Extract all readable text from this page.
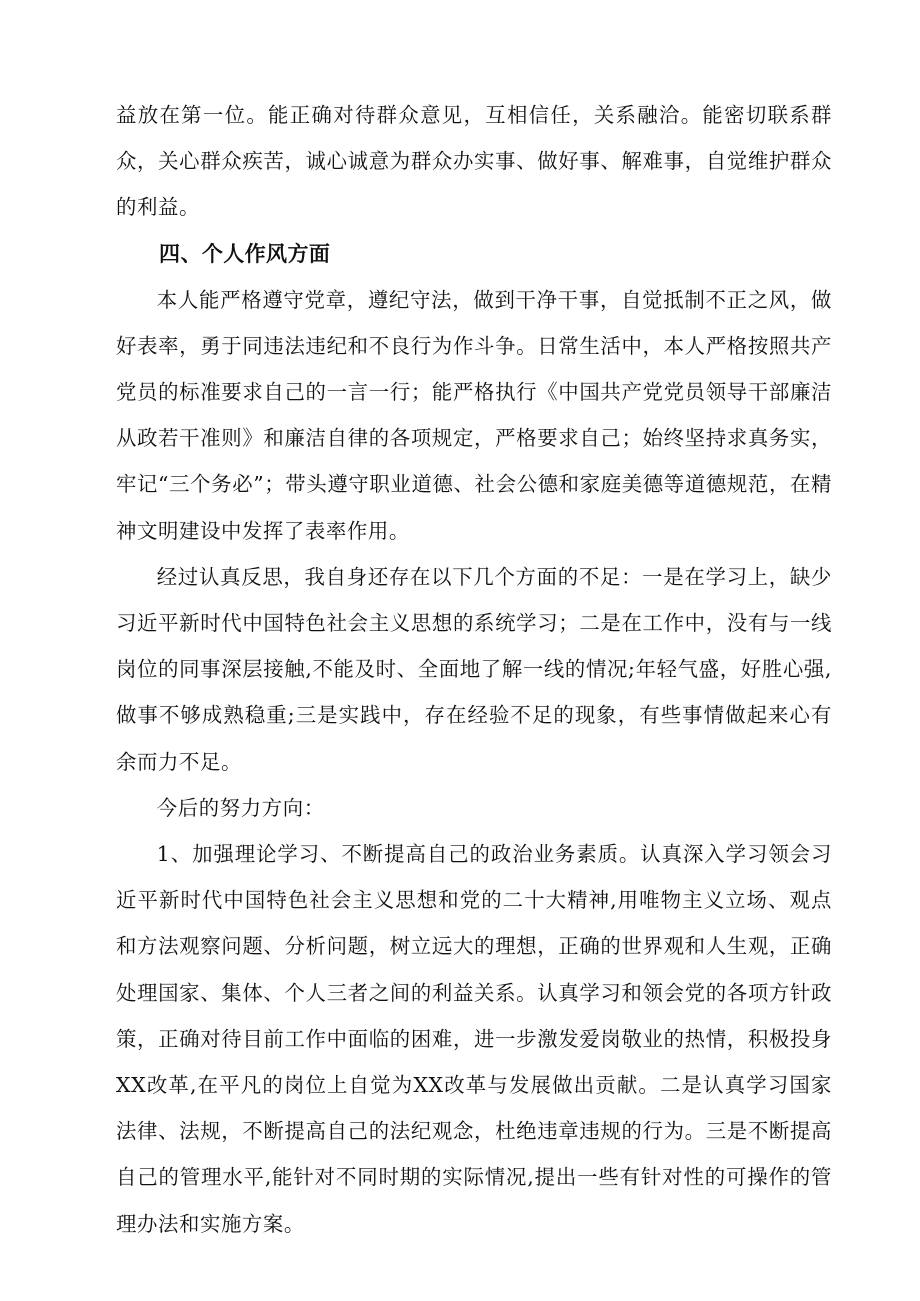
益放在第一位。能正确对待群众意见，互相信任，关系融洽。能密切联系群众，关心群众疾苦，诚心诚意为群众办实事、做好事、解难事，自觉维护群众的利益。

四、个人作风方面

本人能严格遵守党章，遵纪守法，做到干净干事，自觉抵制不正之风，做好表率，勇于同违法违纪和不良行为作斗争。日常生活中，本人严格按照共产党员的标准要求自己的一言一行；能严格执行《中国共产党党员领导干部廉洁从政若干准则》和廉洁自律的各项规定，严格要求自己；始终坚持求真务实，牢记“三个务必”；带头遵守职业道德、社会公德和家庭美德等道德规范，在精神文明建设中发挥了表率作用。

经过认真反思，我自身还存在以下几个方面的不足：一是在学习上，缺少习近平新时代中国特色社会主义思想的系统学习；二是在工作中，没有与一线岗位的同事深层接触,不能及时、全面地了解一线的情况;年轻气盛，好胜心强,做事不够成熟稳重;三是实践中，存在经验不足的现象，有些事情做起来心有余而力不足。

今后的努力方向：

1、加强理论学习、不断提高自己的政治业务素质。认真深入学习领会习近平新时代中国特色社会主义思想和党的二十大精神,用唯物主义立场、观点和方法观察问题、分析问题，树立远大的理想，正确的世界观和人生观，正确处理国家、集体、个人三者之间的利益关系。认真学习和领会党的各项方针政策，正确对待目前工作中面临的困难，进一步激发爱岗敬业的热情，积极投身XX改革,在平凡的岗位上自觉为XX改革与发展做出贡献。二是认真学习国家法律、法规，不断提高自己的法纪观念，杜绝违章违规的行为。三是不断提高自己的管理水平,能针对不同时期的实际情况,提出一些有针对性的可操作的管理办法和实施方案。
